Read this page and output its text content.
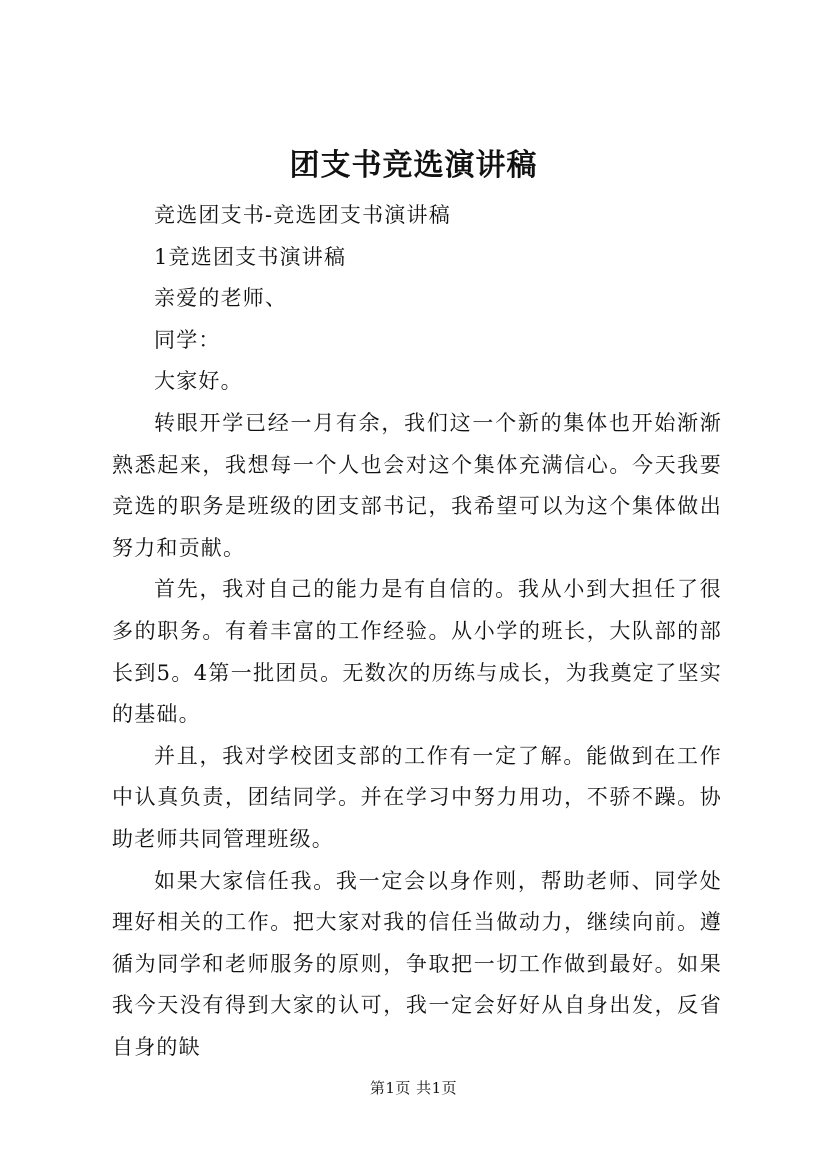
团支书竞选演讲稿

竞选团支书-竞选团支书演讲稿

1竞选团支书演讲稿

亲爱的老师、

同学：

大家好。

转眼开学已经一月有余，我们这一个新的集体也开始渐渐熟悉起来，我想每一个人也会对这个集体充满信心。今天我要竞选的职务是班级的团支部书记，我希望可以为这个集体做出努力和贡献。

首先，我对自己的能力是有自信的。我从小到大担任了很多的职务。有着丰富的工作经验。从小学的班长，大队部的部长到5。4第一批团员。无数次的历练与成长，为我奠定了坚实的基础。

并且，我对学校团支部的工作有一定了解。能做到在工作中认真负责，团结同学。并在学习中努力用功，不骄不躁。协助老师共同管理班级。

如果大家信任我。我一定会以身作则，帮助老师、同学处理好相关的工作。把大家对我的信任当做动力，继续向前。遵循为同学和老师服务的原则，争取把一切工作做到最好。如果我今天没有得到大家的认可，我一定会好好从自身出发，反省自身的缺

第1页 共1页
